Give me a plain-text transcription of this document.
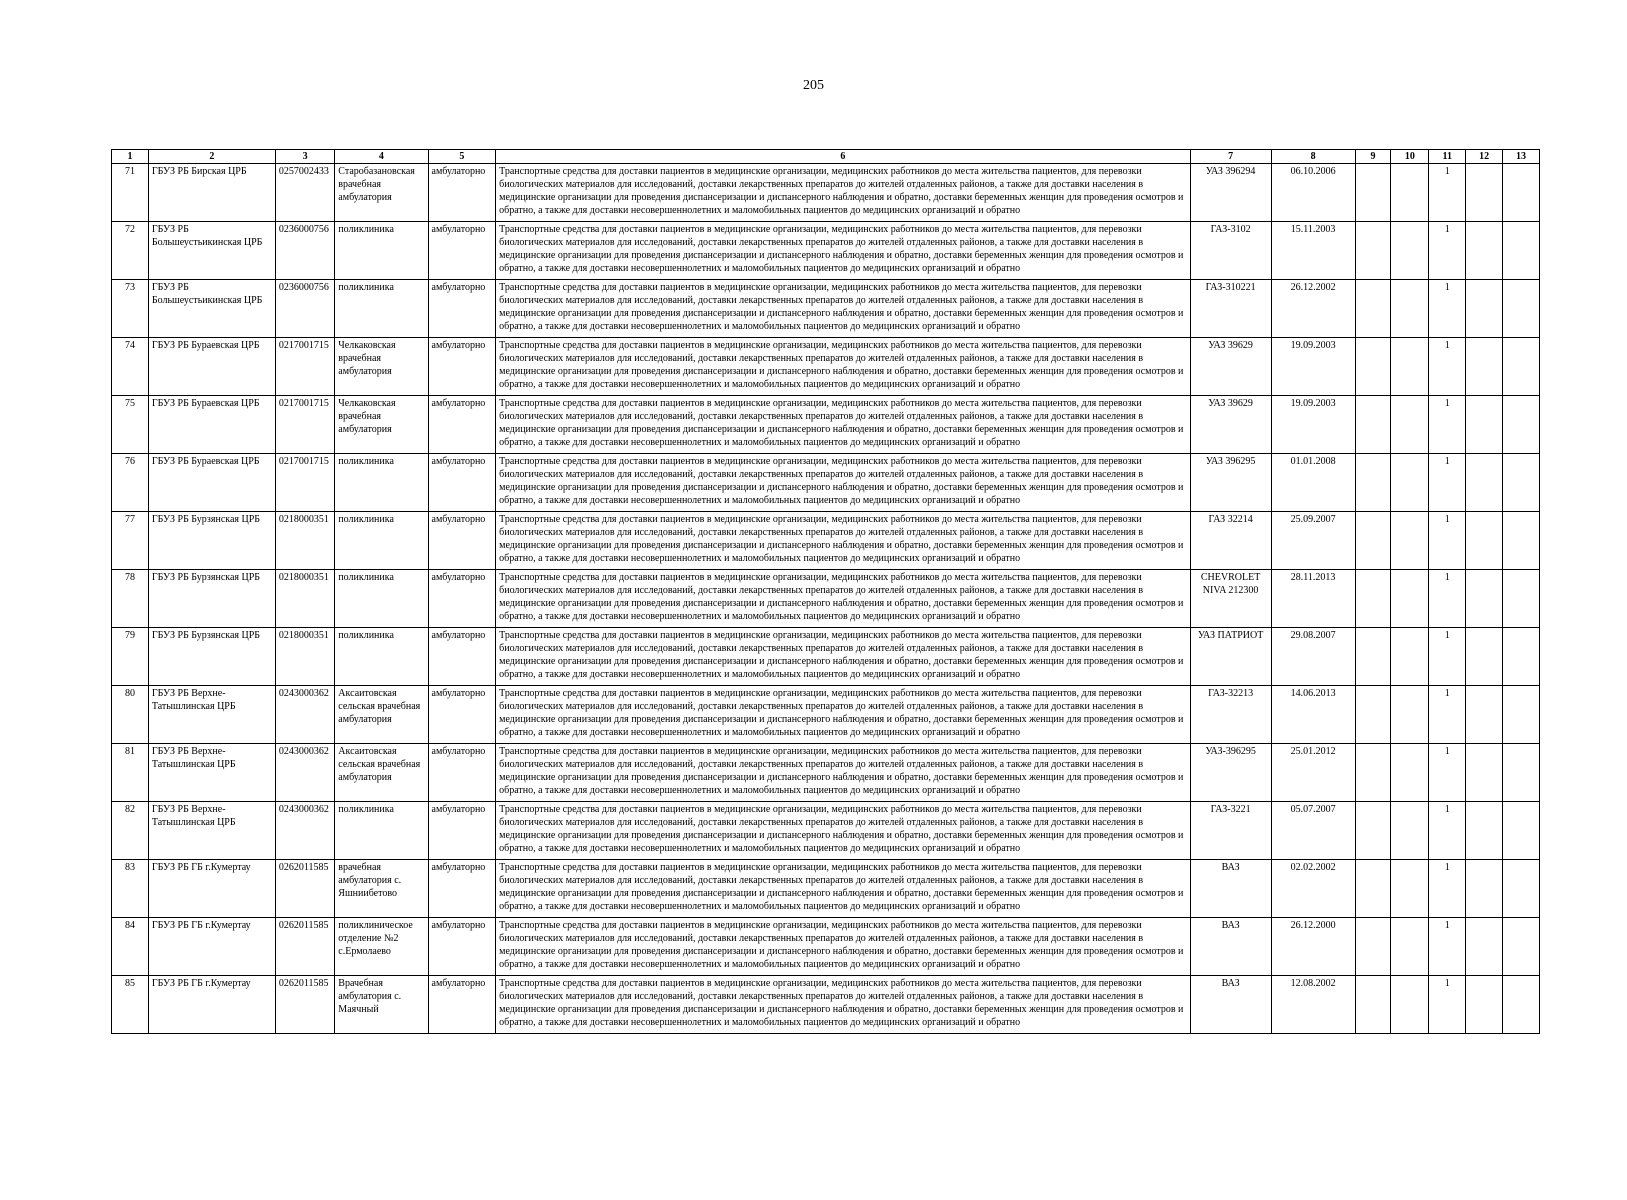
205
1	2	3	4	5	6	7	8	9	10	11	12	13
71	ГБУЗ РБ Бирская ЦРБ	0257002433	Старобазановская врачебная амбулатория	амбулаторно	Транспортные средства для доставки пациентов в медицинские организации, медицинских работников до места жительства пациентов, для перевозки биологических материалов для исследований, доставки лекарственных препаратов до жителей отдаленных районов, а также для доставки населения в медицинские организации для проведения диспансеризации и диспансерного наблюдения и обратно, доставки беременных женщин для проведения осмотров и обратно, а также для доставки несовершеннолетних и маломобильных пациентов до медицинских организаций и обратно	УАЗ 396294	06.10.2006			1		
72	ГБУЗ РБ Большеустьикинская ЦРБ	0236000756	поликлиника	амбулаторно	Транспортные средства для доставки пациентов в медицинские организации, медицинских работников до места жительства пациентов, для перевозки биологических материалов для исследований, доставки лекарственных препаратов до жителей отдаленных районов, а также для доставки населения в медицинские организации для проведения диспансеризации и диспансерного наблюдения и обратно, доставки беременных женщин для проведения осмотров и обратно, а также для доставки несовершеннолетних и маломобильных пациентов до медицинских организаций и обратно	ГАЗ-3102	15.11.2003			1		
73	ГБУЗ РБ Большеустьикинская ЦРБ	0236000756	поликлиника	амбулаторно	Транспортные средства для доставки пациентов в медицинские организации, медицинских работников до места жительства пациентов, для перевозки биологических материалов для исследований, доставки лекарственных препаратов до жителей отдаленных районов, а также для доставки населения в медицинские организации для проведения диспансеризации и диспансерного наблюдения и обратно, доставки беременных женщин для проведения осмотров и обратно, а также для доставки несовершеннолетних и маломобильных пациентов до медицинских организаций и обратно	ГАЗ-310221	26.12.2002			1		
74	ГБУЗ РБ Бураевская ЦРБ	0217001715	Челкаковская врачебная амбулатория	амбулаторно	Транспортные средства для доставки пациентов в медицинские организации, медицинских работников до места жительства пациентов, для перевозки биологических материалов для исследований, доставки лекарственных препаратов до жителей отдаленных районов, а также для доставки населения в медицинские организации для проведения диспансеризации и диспансерного наблюдения и обратно, доставки беременных женщин для проведения осмотров и обратно, а также для доставки несовершеннолетних и маломобильных пациентов до медицинских организаций и обратно	УАЗ 39629	19.09.2003			1		
75	ГБУЗ РБ Бураевская ЦРБ	0217001715	Челкаковская врачебная амбулатория	амбулаторно	Транспортные средства для доставки пациентов в медицинские организации, медицинских работников до места жительства пациентов, для перевозки биологических материалов для исследований, доставки лекарственных препаратов до жителей отдаленных районов, а также для доставки населения в медицинские организации для проведения диспансеризации и диспансерного наблюдения и обратно, доставки беременных женщин для проведения осмотров и обратно, а также для доставки несовершеннолетних и маломобильных пациентов до медицинских организаций и обратно	УАЗ 39629	19.09.2003			1		
76	ГБУЗ РБ Бураевская ЦРБ	0217001715	поликлиника	амбулаторно	Транспортные средства для доставки пациентов в медицинские организации, медицинских работников до места жительства пациентов, для перевозки биологических материалов для исследований, доставки лекарственных препаратов до жителей отдаленных районов, а также для доставки населения в медицинские организации для проведения диспансеризации и диспансерного наблюдения и обратно, доставки беременных женщин для проведения осмотров и обратно, а также для доставки несовершеннолетних и маломобильных пациентов до медицинских организаций и обратно	УАЗ 396295	01.01.2008			1		
77	ГБУЗ РБ Бурзянская ЦРБ	0218000351	поликлиника	амбулаторно	Транспортные средства для доставки пациентов в медицинские организации, медицинских работников до места жительства пациентов, для перевозки биологических материалов для исследований, доставки лекарственных препаратов до жителей отдаленных районов, а также для доставки населения в медицинские организации для проведения диспансеризации и диспансерного наблюдения и обратно, доставки беременных женщин для проведения осмотров и обратно, а также для доставки несовершеннолетних и маломобильных пациентов до медицинских организаций и обратно	ГАЗ 32214	25.09.2007			1		
78	ГБУЗ РБ Бурзянская ЦРБ	0218000351	поликлиника	амбулаторно	Транспортные средства для доставки пациентов в медицинские организации, медицинских работников до места жительства пациентов, для перевозки биологических материалов для исследований, доставки лекарственных препаратов до жителей отдаленных районов, а также для доставки населения в медицинские организации для проведения диспансеризации и диспансерного наблюдения и обратно, доставки беременных женщин для проведения осмотров и обратно, а также для доставки несовершеннолетних и маломобильных пациентов до медицинских организаций и обратно	CHEVROLET NIVA 212300	28.11.2013			1		
79	ГБУЗ РБ Бурзянская ЦРБ	0218000351	поликлиника	амбулаторно	Транспортные средства для доставки пациентов в медицинские организации, медицинских работников до места жительства пациентов, для перевозки биологических материалов для исследований, доставки лекарственных препаратов до жителей отдаленных районов, а также для доставки населения в медицинские организации для проведения диспансеризации и диспансерного наблюдения и обратно, доставки беременных женщин для проведения осмотров и обратно, а также для доставки несовершеннолетних и маломобильных пациентов до медицинских организаций и обратно	УАЗ ПАТРИОТ	29.08.2007			1		
80	ГБУЗ РБ Верхне-Татышлинская ЦРБ	0243000362	Аксаитовская сельская врачебная амбулатория	амбулаторно	Транспортные средства для доставки пациентов в медицинские организации, медицинских работников до места жительства пациентов, для перевозки биологических материалов для исследований, доставки лекарственных препаратов до жителей отдаленных районов, а также для доставки населения в медицинские организации для проведения диспансеризации и диспансерного наблюдения и обратно, доставки беременных женщин для проведения осмотров и обратно, а также для доставки несовершеннолетних и маломобильных пациентов до медицинских организаций и обратно	ГАЗ-32213	14.06.2013			1		
81	ГБУЗ РБ Верхне-Татышлинская ЦРБ	0243000362	Аксаитовская сельская врачебная амбулатория	амбулаторно	Транспортные средства для доставки пациентов в медицинские организации, медицинских работников до места жительства пациентов, для перевозки биологических материалов для исследований, доставки лекарственных препаратов до жителей отдаленных районов, а также для доставки населения в медицинские организации для проведения диспансеризации и диспансерного наблюдения и обратно, доставки беременных женщин для проведения осмотров и обратно, а также для доставки несовершеннолетних и маломобильных пациентов до медицинских организаций и обратно	УАЗ-396295	25.01.2012			1		
82	ГБУЗ РБ Верхне-Татышлинская ЦРБ	0243000362	поликлиника	амбулаторно	Транспортные средства для доставки пациентов в медицинские организации, медицинских работников до места жительства пациентов, для перевозки биологических материалов для исследований, доставки лекарственных препаратов до жителей отдаленных районов, а также для доставки населения в медицинские организации для проведения диспансеризации и диспансерного наблюдения и обратно, доставки беременных женщин для проведения осмотров и обратно, а также для доставки несовершеннолетних и маломобильных пациентов до медицинских организаций и обратно	ГАЗ-3221	05.07.2007			1		
83	ГБУЗ РБ ГБ г.Кумертау	0262011585	врачебная амбулатория с. Яшниибетово	амбулаторно	Транспортные средства для доставки пациентов в медицинские организации, медицинских работников до места жительства пациентов, для перевозки биологических материалов для исследований, доставки лекарственных препаратов до жителей отдаленных районов, а также для доставки населения в медицинские организации для проведения диспансеризации и диспансерного наблюдения и обратно, доставки беременных женщин для проведения осмотров и обратно, а также для доставки несовершеннолетних и маломобильных пациентов до медицинских организаций и обратно	ВАЗ	02.02.2002			1		
84	ГБУЗ РБ ГБ г.Кумертау	0262011585	поликлиническое отделение №2 с.Ермолаево	амбулаторно	Транспортные средства для доставки пациентов в медицинские организации, медицинских работников до места жительства пациентов, для перевозки биологических материалов для исследований, доставки лекарственных препаратов до жителей отдаленных районов, а также для доставки населения в медицинские организации для проведения диспансеризации и диспансерного наблюдения и обратно, доставки беременных женщин для проведения осмотров и обратно, а также для доставки несовершеннолетних и маломобильных пациентов до медицинских организаций и обратно	ВАЗ	26.12.2000			1		
85	ГБУЗ РБ ГБ г.Кумертау	0262011585	Врачебная амбулатория с. Маячный	амбулаторно	Транспортные средства для доставки пациентов в медицинские организации, медицинских работников до места жительства пациентов, для перевозки биологических материалов для исследований, доставки лекарственных препаратов до жителей отдаленных районов, а также для доставки населения в медицинские организации для проведения диспансеризации и диспансерного наблюдения и обратно, доставки беременных женщин для проведения осмотров и обратно, а также для доставки несовершеннолетних и маломобильных пациентов до медицинских организаций и обратно	ВАЗ	12.08.2002			1		
